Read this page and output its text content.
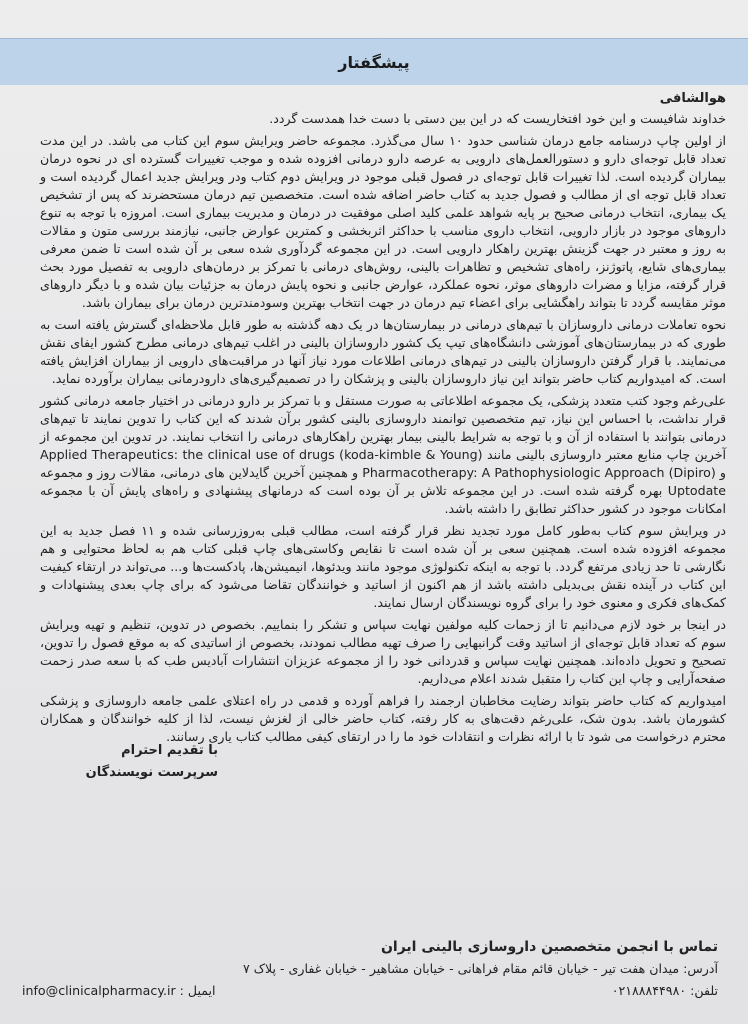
پیشگفتار

هوالشافی

خداوند شافیست و این خود افتخاریست که در این بین دستی با دست خدا همدست گردد.

از اولین چاپ درسنامه جامع درمان شناسی حدود ۱۰ سال می‌گذرد. مجموعه حاضر ویرایش سوم این کتاب می باشد. در این مدت تعداد قابل توجه‌ای دارو و دستورالعمل‌های دارویی به عرصه دارو درمانی افزوده شده و موجب تغییرات گسترده ای در نحوه درمان بیماران گردیده است. لذا تغییرات قابل توجه‌ای در فصول قبلی موجود در ویرایش دوم کتاب ودر ویرایش جدید اعمال گردیده است و تعداد قابل توجه ای از مطالب و فصول جدید به کتاب حاضر اضافه شده است. متخصصین تیم درمان مستحضرند که پس از تشخیص یک بیماری، انتخاب درمانی صحیح بر پایه شواهد علمی کلید اصلی موفقیت در درمان و مدیریت بیماری است. امروزه با توجه به تنوع داروهای موجود در بازار دارویی، انتخاب داروی مناسب با حداکثر اثربخشی و کمترین عوارض جانبی، نیازمند بررسی متون و مقالات به روز و معتبر در جهت گزینش بهترین راهکار دارویی است. در این مجموعه گردآوری شده سعی بر آن شده است تا ضمن معرفی بیماری‌های شایع، پاتوژنز، راه‌های تشخیص و تظاهرات بالینی، روش‌های درمانی با تمرکز بر درمان‌های دارویی به تفصیل مورد بحث قرار گرفته، مزایا و مضرات داروهای موثر، نحوه عملکرد، عوارض جانبی و نحوه پایش درمان به جزئیات بیان شده و با دیگر داروهای موثر مقایسه گردد تا بتواند راهگشایی برای اعضاء تیم درمان در جهت انتخاب بهترین وسودمندترین درمان برای بیماران باشد.

نحوه تعاملات درمانی داروسازان با تیم‌های درمانی در بیمارستان‌ها در یک دهه گذشته به طور قابل ملاحظه‌ای گسترش یافته است به طوری که در بیمارستان‌های آموزشی دانشگاه‌های تیپ یک کشور داروسازان بالینی در اغلب تیم‌های درمانی مطرح کشور ایفای نقش می‌نمایند. با قرار گرفتن داروسازان بالینی در تیم‌های درمانی اطلاعات مورد نیاز آنها در مراقبت‌های دارویی از بیماران افزایش یافته است. که امیدواریم کتاب حاضر بتواند این نیاز داروسازان بالینی و پزشکان را در تصمیم‌گیری‌های دارودرمانی بیماران برآورده نماید.

علی‌رغم وجود کتب متعدد پزشکی، یک مجموعه اطلاعاتی به صورت مستقل و با تمرکز بر دارو درمانی در اختیار جامعه درمانی کشور قرار نداشت، با احساس این نیاز، تیم متخصصین توانمند داروسازی بالینی کشور برآن شدند که این کتاب را تدوین نمایند تا تیم‌های درمانی بتوانند با استفاده از آن و با توجه به شرایط بالینی بیمار بهترین راهکارهای درمانی را انتخاب نمایند. در تدوین این مجموعه از آخرین چاپ منابع معتبر داروسازی بالینی مانند Applied Therapeutics: the clinical use of drugs (koda-kimble & Young) و Pharmacotherapy: A Pathophysiologic Approach (Dipiro) و همچنین آخرین گایدلاین های درمانی، مقالات روز و مجموعه Uptodate بهره گرفته شده است. در این مجموعه تلاش بر آن بوده است که درمانهای پیشنهادی و راه‌های پایش آن با مجموعه امکانات موجود در کشور حداکثر تطابق را داشته باشد.

در ویرایش سوم کتاب به‌طور کامل مورد تجدید نظر قرار گرفته است، مطالب قبلی به‌روزرسانی شده و ۱۱ فصل جدید به این مجموعه افزوده شده است. همچنین سعی بر آن شده است تا نقایص وکاستی‌های چاپ قبلی کتاب هم به لحاظ محتوایی و هم نگارشی تا حد زیادی مرتفع گردد. با توجه به اینکه تکنولوژی موجود مانند ویدئوها، انیمیشن‌ها، پادکست‌ها و... می‌تواند در ارتقاء کیفیت این کتاب در آینده نقش بی‌بدیلی داشته باشد از هم اکنون از اساتید و خوانندگان تقاضا می‌شود که برای چاپ بعدی پیشنهادات و کمک‌های فکری و معنوی خود را برای گروه نویسندگان ارسال نمایند.

در اینجا بر خود لازم می‌دانیم تا از زحمات کلیه مولفین نهایت سپاس و تشکر را بنماییم. بخصوص در تدوین، تنظیم و تهیه ویرایش سوم که تعداد قابل توجه‌ای از اساتید وقت گرانبهایی را صرف تهیه مطالب نمودند، بخصوص از اساتیدی که به موقع فصول را تدوین، تصحیح و تحویل داده‌اند. همچنین نهایت سپاس و قدردانی خود را از مجموعه عزیزان انتشارات آبادیس طب که با سعه صدر زحمت صفحه‌آرایی و چاپ این کتاب را متقبل شدند اعلام می‌داریم.

امیدواریم که کتاب حاضر بتواند رضایت مخاطبان ارجمند را فراهم آورده و قدمی در راه اعتلای علمی جامعه داروسازی و پزشکی کشورمان باشد. بدون شک، علی‌رغم دقت‌های به کار رفته، کتاب حاضر خالی از لغزش نیست، لذا از کلیه خوانندگان و همکاران محترم درخواست می شود تا با ارائه نظرات و انتقادات خود ما را در ارتقای کیفی مطالب کتاب یاری رسانند.

با تقدیم احترام
سرپرست نویسندگان
تماس با انجمن متخصصین داروسازی بالینی ایران
آدرس: میدان هفت تیر - خیابان قائم مقام فراهانی - خیابان مشاهیر - خیابان غفاری - پلاک ۷
تلفن: ۰۲۱۸۸۸۴۴۹۸۰
ایمیل : info@clinicalpharmacy.ir
